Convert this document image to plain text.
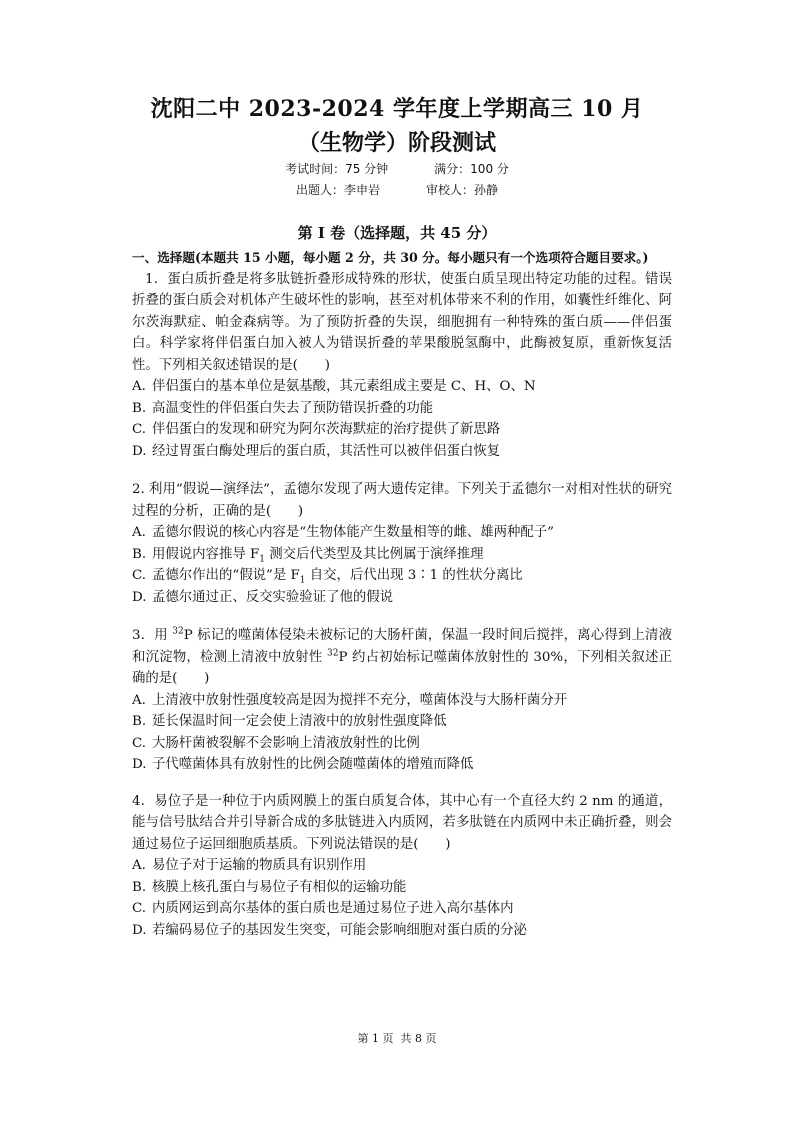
沈阳二中 2023-2024 学年度上学期高三 10 月
（生物学）阶段测试
考试时间：75 分钟	满分：100 分
出题人：李申岩	审校人：孙静
第 I 卷（选择题，共 45 分）
一、选择题(本题共 15 小题，每小题 2 分，共 30 分。每小题只有一个选项符合题目要求。)

1．蛋白质折叠是将多肽链折叠形成特殊的形状，使蛋白质呈现出特定功能的过程。错误折叠的蛋白质会对机体产生破坏性的影响，甚至对机体带来不利的作用，如囊性纤维化、阿尔茨海默症、帕金森病等。为了预防折叠的失误，细胞拥有一种特殊的蛋白质——伴侣蛋白。科学家将伴侣蛋白加入被人为错误折叠的苹果酸脱氢酶中，此酶被复原，重新恢复活性。下列相关叙述错误的是(　　)

A. 伴侣蛋白的基本单位是氨基酸，其元素组成主要是 C、H、O、N

B. 高温变性的伴侣蛋白失去了预防错误折叠的功能

C. 伴侣蛋白的发现和研究为阿尔茨海默症的治疗提供了新思路

D. 经过胃蛋白酶处理后的蛋白质，其活性可以被伴侣蛋白恢复

2. 利用“假说—演绎法”，孟德尔发现了两大遗传定律。下列关于孟德尔一对相对性状的研究过程的分析，正确的是(　　)

A. 孟德尔假说的核心内容是“生物体能产生数量相等的雌、雄两种配子”

B. 用假说内容推导 $F_1$ 测交后代类型及其比例属于演绎推理

C. 孟德尔作出的“假说”是 $F_1$ 自交，后代出现 3∶1 的性状分离比

D. 孟德尔通过正、反交实验验证了他的假说

3．用 $^{32}$P 标记的噬菌体侵染未被标记的大肠杆菌，保温一段时间后搅拌，离心得到上清液和沉淀物，检测上清液中放射性 $^{32}$P 约占初始标记噬菌体放射性的 30%，下列相关叙述正确的是(　　)

A. 上清液中放射性强度较高是因为搅拌不充分，噬菌体没与大肠杆菌分开

B. 延长保温时间一定会使上清液中的放射性强度降低

C. 大肠杆菌被裂解不会影响上清液放射性的比例

D. 子代噬菌体具有放射性的比例会随噬菌体的增殖而降低

4．易位子是一种位于内质网膜上的蛋白质复合体，其中心有一个直径大约 2 nm 的通道，能与信号肽结合并引导新合成的多肽链进入内质网，若多肽链在内质网中未正确折叠，则会通过易位子运回细胞质基质。下列说法错误的是(　　)

A. 易位子对于运输的物质具有识别作用

B. 核膜上核孔蛋白与易位子有相似的运输功能

C. 内质网运到高尔基体的蛋白质也是通过易位子进入高尔基体内

D. 若编码易位子的基因发生突变，可能会影响细胞对蛋白质的分泌

第 1 页 共 8 页
